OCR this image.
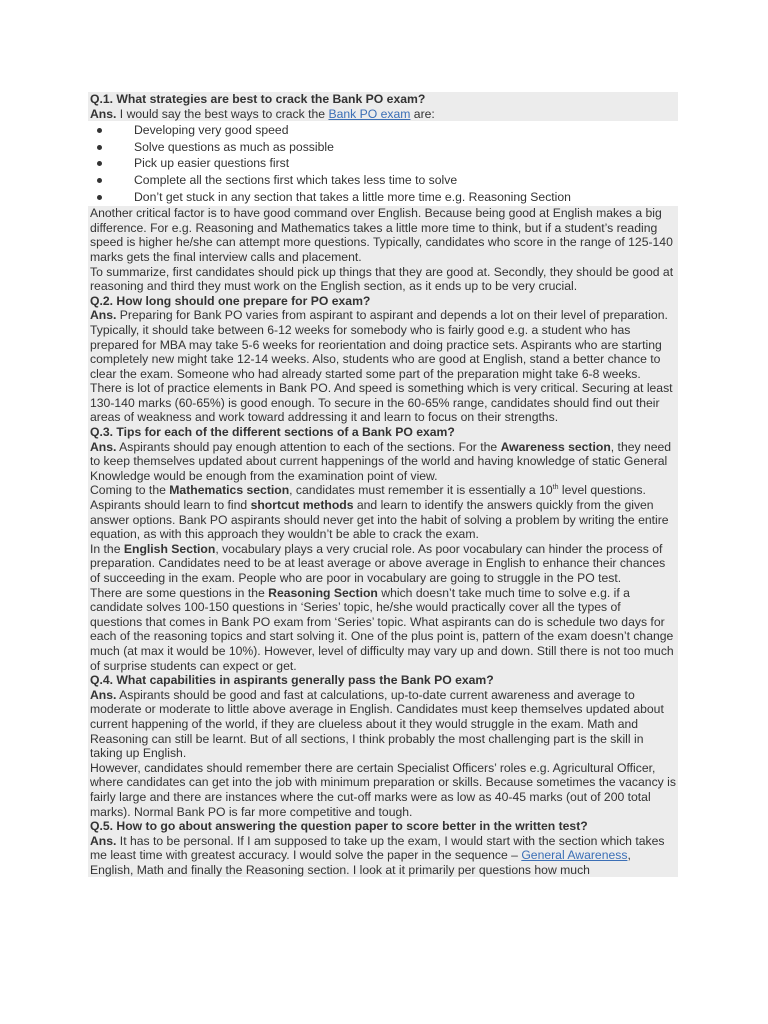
Q.1. What strategies are best to crack the Bank PO exam?
Ans. I would say the best ways to crack the Bank PO exam are:
Developing very good speed
Solve questions as much as possible
Pick up easier questions first
Complete all the sections first which takes less time to solve
Don’t get stuck in any section that takes a little more time e.g. Reasoning Section
Another critical factor is to have good command over English. Because being good at English makes a big difference. For e.g. Reasoning and Mathematics takes a little more time to think, but if a student’s reading speed is higher he/she can attempt more questions. Typically, candidates who score in the range of 125-140 marks gets the final interview calls and placement.
To summarize, first candidates should pick up things that they are good at. Secondly, they should be good at reasoning and third they must work on the English section, as it ends up to be very crucial.
Q.2. How long should one prepare for PO exam?
Ans. Preparing for Bank PO varies from aspirant to aspirant and depends a lot on their level of preparation. Typically, it should take between 6-12 weeks for somebody who is fairly good e.g. a student who has prepared for MBA may take 5-6 weeks for reorientation and doing practice sets. Aspirants who are starting completely new might take 12-14 weeks. Also, students who are good at English, stand a better chance to clear the exam. Someone who had already started some part of the preparation might take 6-8 weeks.
There is lot of practice elements in Bank PO. And speed is something which is very critical. Securing at least 130-140 marks (60-65%) is good enough. To secure in the 60-65% range, candidates should find out their areas of weakness and work toward addressing it and learn to focus on their strengths.
Q.3. Tips for each of the different sections of a Bank PO exam?
Ans. Aspirants should pay enough attention to each of the sections. For the Awareness section, they need to keep themselves updated about current happenings of the world and having knowledge of static General Knowledge would be enough from the examination point of view.
Coming to the Mathematics section, candidates must remember it is essentially a 10th level questions. Aspirants should learn to find shortcut methods and learn to identify the answers quickly from the given answer options. Bank PO aspirants should never get into the habit of solving a problem by writing the entire equation, as with this approach they wouldn’t be able to crack the exam.
In the English Section, vocabulary plays a very crucial role. As poor vocabulary can hinder the process of preparation. Candidates need to be at least average or above average in English to enhance their chances of succeeding in the exam. People who are poor in vocabulary are going to struggle in the PO test.
There are some questions in the Reasoning Section which doesn’t take much time to solve e.g. if a candidate solves 100-150 questions in ‘Series’ topic, he/she would practically cover all the types of questions that comes in Bank PO exam from ‘Series’ topic. What aspirants can do is schedule two days for each of the reasoning topics and start solving it. One of the plus point is, pattern of the exam doesn’t change much (at max it would be 10%). However, level of difficulty may vary up and down. Still there is not too much of surprise students can expect or get.
Q.4. What capabilities in aspirants generally pass the Bank PO exam?
Ans. Aspirants should be good and fast at calculations, up-to-date current awareness and average to moderate or moderate to little above average in English. Candidates must keep themselves updated about current happening of the world, if they are clueless about it they would struggle in the exam. Math and Reasoning can still be learnt. But of all sections, I think probably the most challenging part is the skill in taking up English.
However, candidates should remember there are certain Specialist Officers’ roles e.g. Agricultural Officer, where candidates can get into the job with minimum preparation or skills. Because sometimes the vacancy is fairly large and there are instances where the cut-off marks were as low as 40-45 marks (out of 200 total marks). Normal Bank PO is far more competitive and tough.
Q.5. How to go about answering the question paper to score better in the written test?
Ans. It has to be personal. If I am supposed to take up the exam, I would start with the section which takes me least time with greatest accuracy. I would solve the paper in the sequence – General Awareness, English, Math and finally the Reasoning section. I look at it primarily per questions how much
